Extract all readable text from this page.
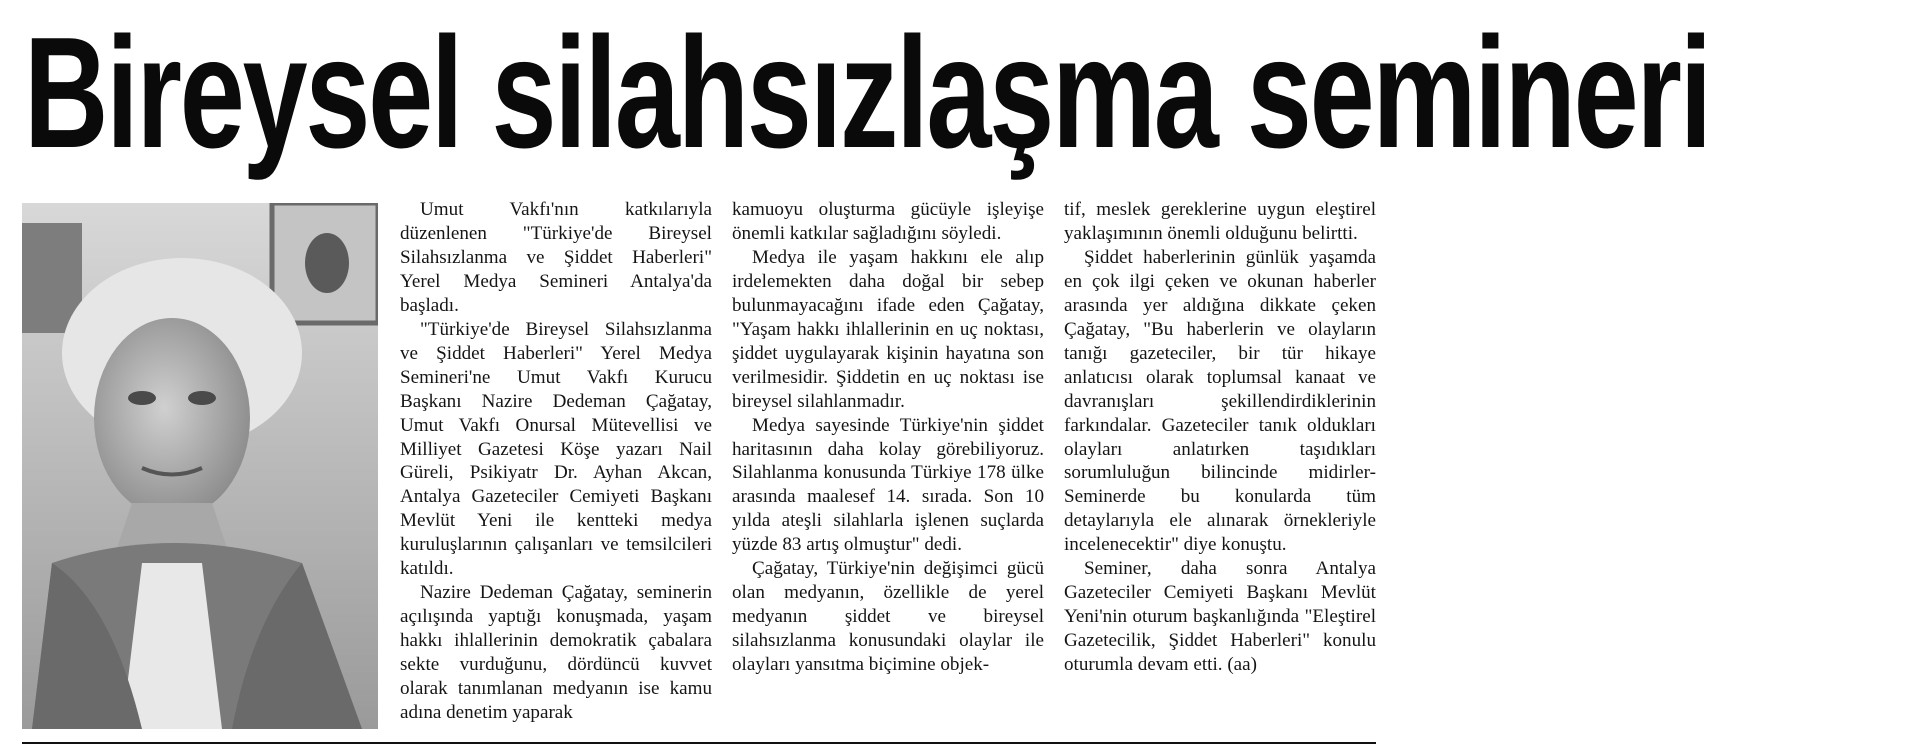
Bireysel silahsızlaşma semineri

Umut Vakfı'nın katkılarıyla düzenlenen "Türkiye'de Bireysel Silahsızlanma ve Şiddet Haberleri" Yerel Medya Semineri Antalya'da başladı.

"Türkiye'de Bireysel Silahsızlanma ve Şiddet Haberleri" Yerel Medya Semineri'ne Umut Vakfı Kurucu Başkanı Nazire Dedeman Çağatay, Umut Vakfı Onursal Mütevellisi ve Milliyet Gazetesi Köşe yazarı Nail Güreli, Psikiyatr Dr. Ayhan Akcan, Antalya Gazeteciler Cemiyeti Başkanı Mevlüt Yeni ile kentteki medya kuruluşlarının çalışanları ve temsilcileri katıldı.

Nazire Dedeman Çağatay, seminerin açılışında yaptığı konuşmada, yaşam hakkı ihlallerinin demokratik çabalara sekte vurduğunu, dördüncü kuvvet olarak tanımlanan medyanın ise kamu adına denetim yaparak

kamuoyu oluşturma gücüyle işleyişe önemli katkılar sağladığını söyledi.

Medya ile yaşam hakkını ele alıp irdelemekten daha doğal bir sebep bulunmayacağını ifade eden Çağatay, "Yaşam hakkı ihlallerinin en uç noktası, şiddet uygulayarak kişinin hayatına son verilmesidir. Şiddetin en uç noktası ise bireysel silahlanmadır.

Medya sayesinde Türkiye'nin şiddet haritasının daha kolay görebiliyoruz. Silahlanma konusunda Türkiye 178 ülke arasında maalesef 14. sırada. Son 10 yılda ateşli silahlarla işlenen suçlarda yüzde 83 artış olmuştur" dedi.

Çağatay, Türkiye'nin değişimci gücü olan medyanın, özellikle de yerel medyanın şiddet ve bireysel silahsızlanma konusundaki olaylar ile olayları yansıtma biçimine objek-

tif, meslek gereklerine uygun eleştirel yaklaşımının önemli olduğunu belirtti.

Şiddet haberlerinin günlük yaşamda en çok ilgi çeken ve okunan haberler arasında yer aldığına dikkate çeken Çağatay, "Bu haberlerin ve olayların tanığı gazeteciler, bir tür hikaye anlatıcısı olarak toplumsal kanaat ve davranışları şekillendirdiklerinin farkındalar. Gazeteciler tanık oldukları olayları anlatırken taşıdıkları sorumluluğun bilincinde midirler- Seminerde bu konularda tüm detaylarıyla ele alınarak örnekleriyle incelenecektir" diye konuştu.

Seminer, daha sonra Antalya Gazeteciler Cemiyeti Başkanı Mevlüt Yeni'nin oturum başkanlığında "Eleştirel Gazetecilik, Şiddet Haberleri" konulu oturumla devam etti. (aa)
